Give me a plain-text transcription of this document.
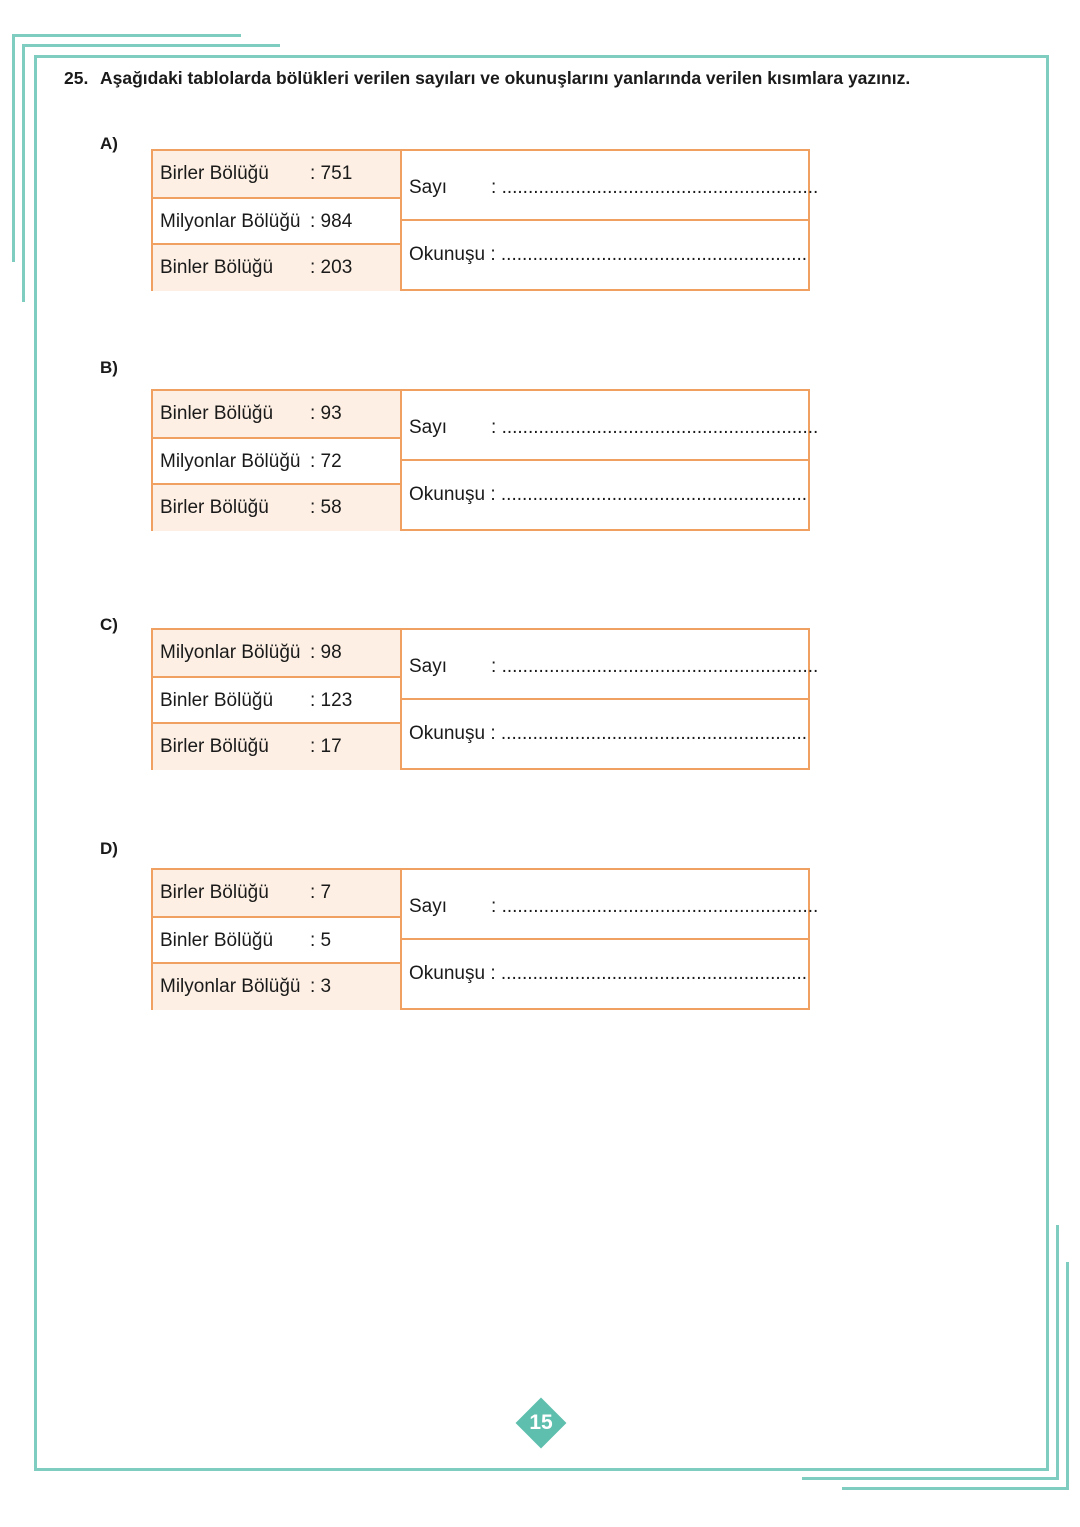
25. Aşağıdaki tablolarda bölükleri verilen sayıları ve okunuşlarını yanlarında verilen kısımlara yazınız.
A)
Birler Bölüğü : 751
Milyonlar Bölüğü : 984
Binler Bölüğü : 203
Sayı : ............................................................
Okunuşu : ..........................................................
B)
Binler Bölüğü : 93
Milyonlar Bölüğü : 72
Birler Bölüğü : 58
Sayı : ............................................................
Okunuşu : ..........................................................
C)
Milyonlar Bölüğü : 98
Binler Bölüğü : 123
Birler Bölüğü : 17
Sayı : ............................................................
Okunuşu : ..........................................................
D)
Birler Bölüğü : 7
Binler Bölüğü : 5
Milyonlar Bölüğü : 3
Sayı : ............................................................
Okunuşu : ..........................................................
15
